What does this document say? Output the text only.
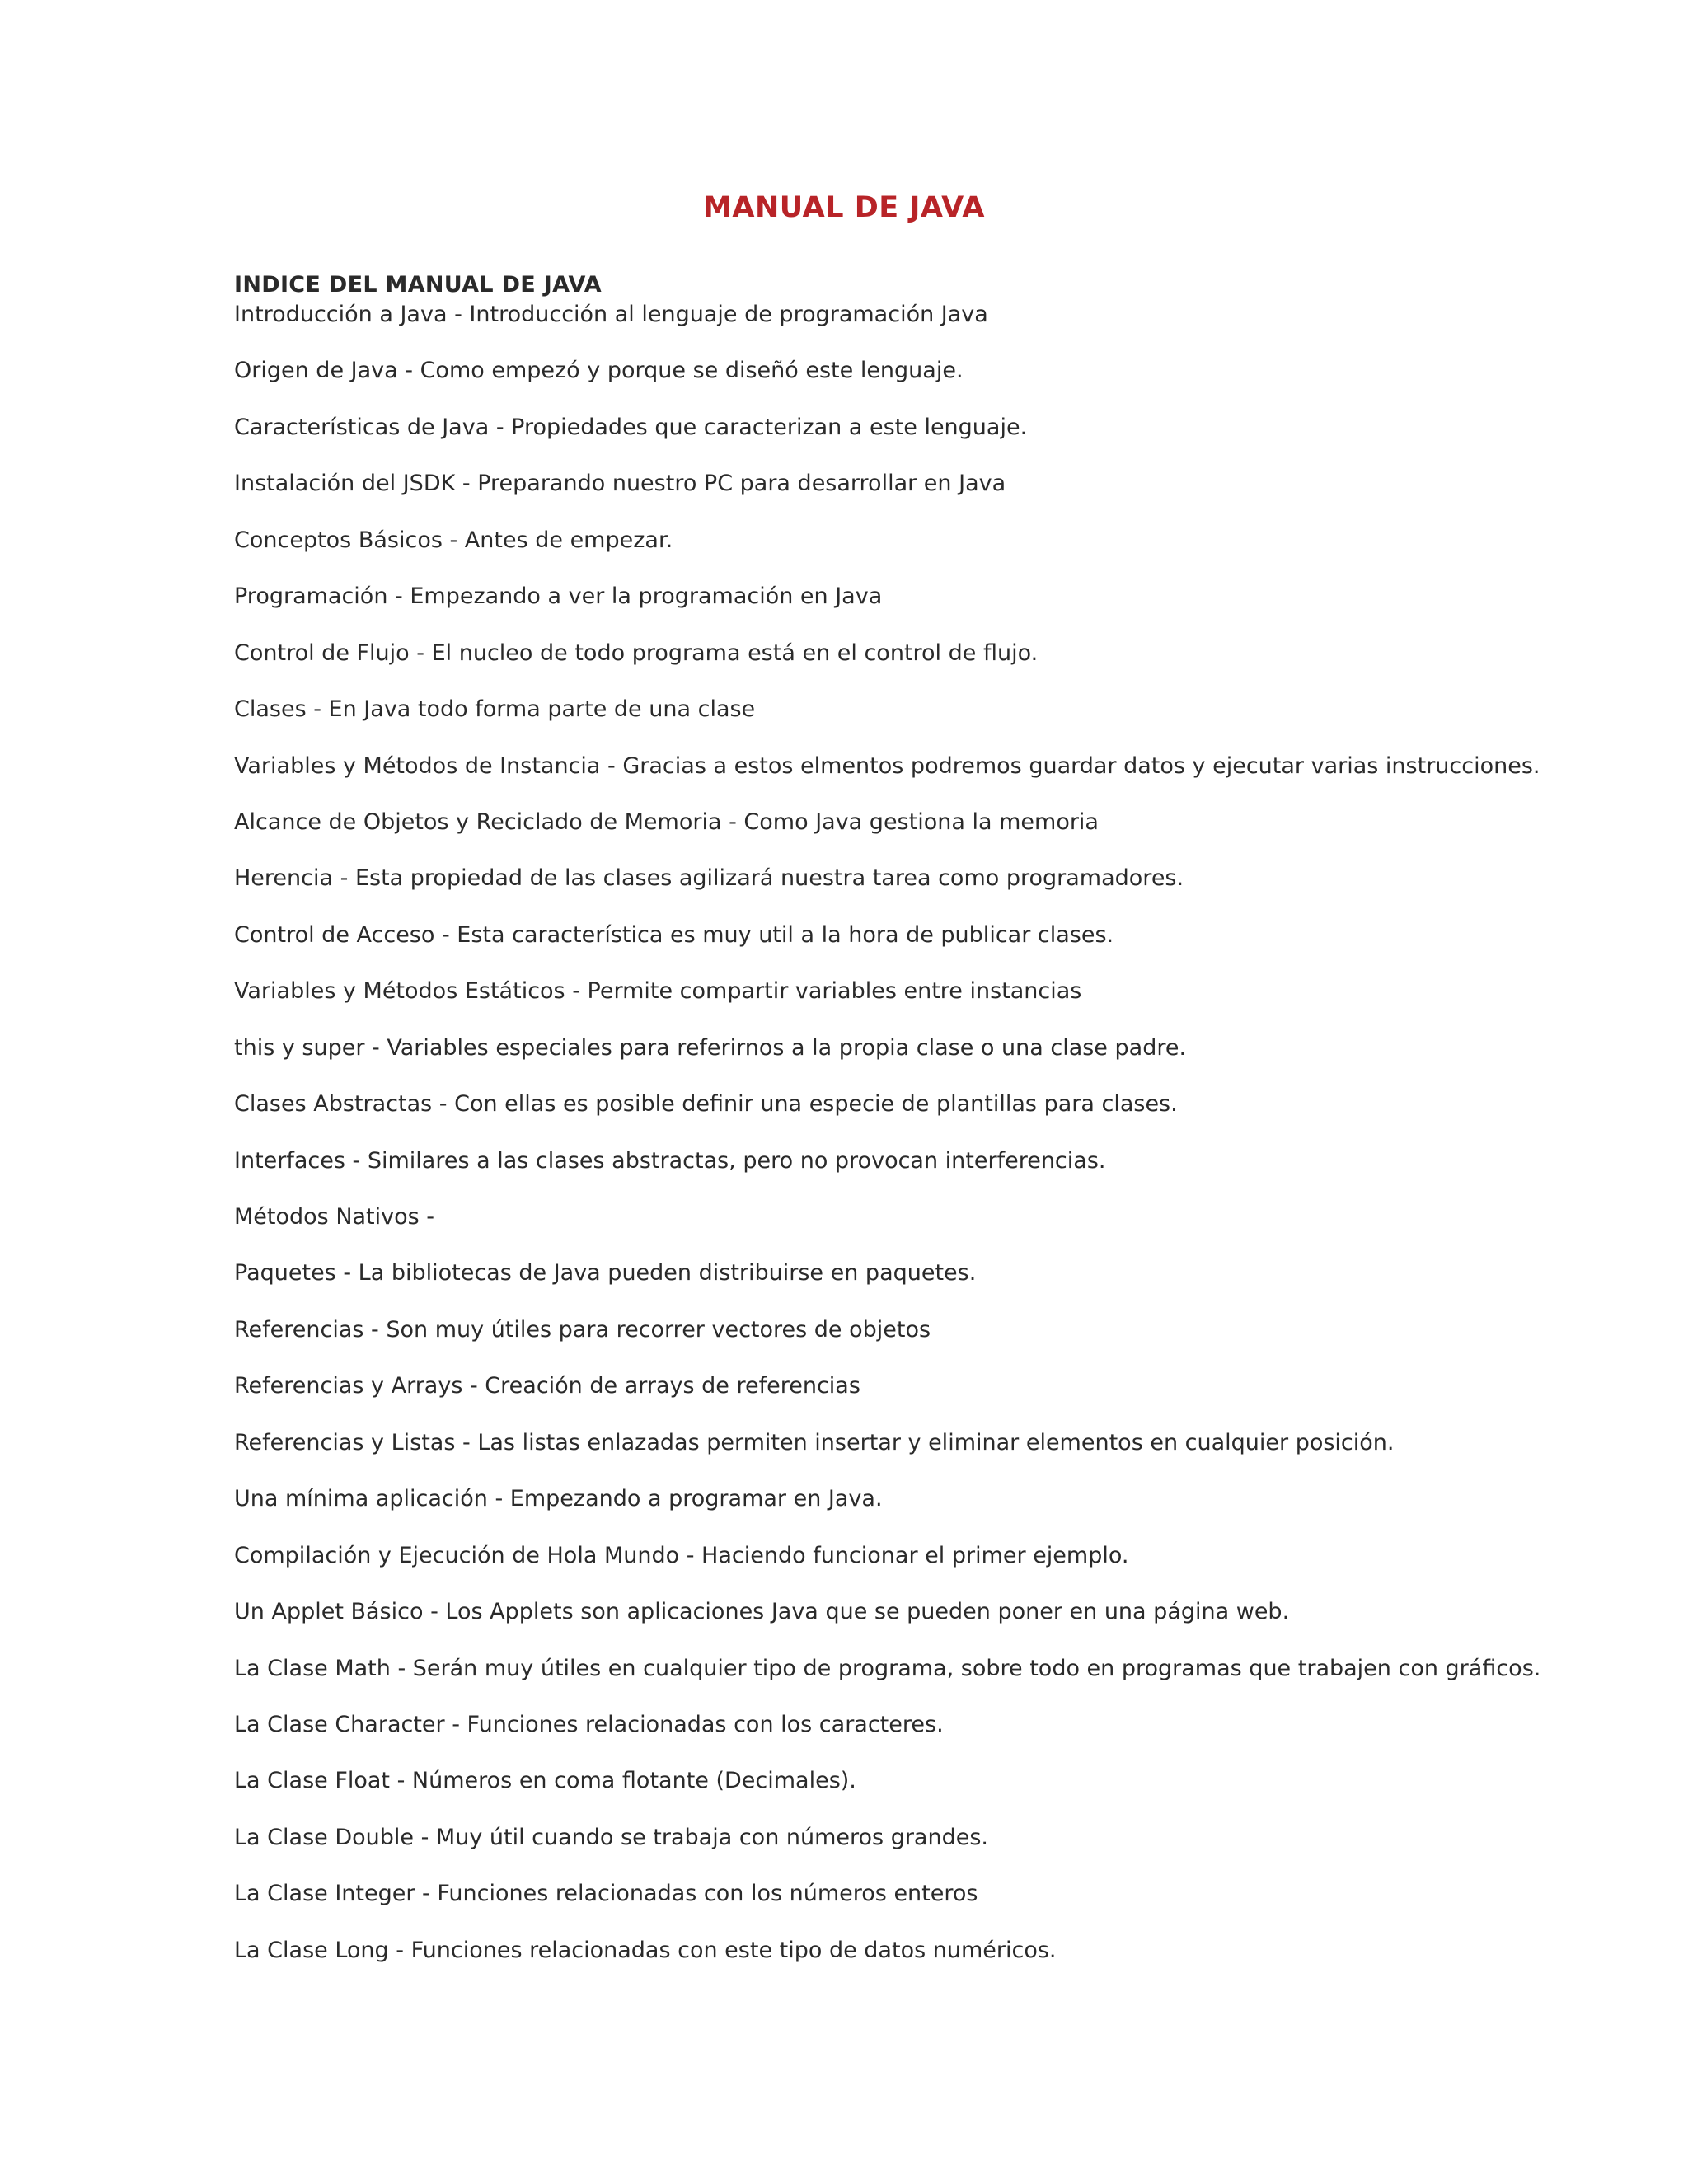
MANUAL DE JAVA
INDICE DEL MANUAL DE JAVA
Introducción a Java - Introducción al lenguaje de programación Java
Origen de Java - Como empezó y porque se diseñó este lenguaje.
Características de Java - Propiedades que caracterizan a este lenguaje.
Instalación del JSDK - Preparando nuestro PC para desarrollar en Java
Conceptos Básicos - Antes de empezar.
Programación - Empezando a ver la programación en Java
Control de Flujo - El nucleo de todo programa está en el control de flujo.
Clases - En Java todo forma parte de una clase
Variables y Métodos de Instancia - Gracias a estos elmentos podremos guardar datos y ejecutar varias instrucciones.
Alcance de Objetos y Reciclado de Memoria - Como Java gestiona la memoria
Herencia - Esta propiedad de las clases agilizará nuestra tarea como programadores.
Control de Acceso - Esta característica es muy util a la hora de publicar clases.
Variables y Métodos Estáticos - Permite compartir variables entre instancias
this y super - Variables especiales para referirnos a la propia clase o una clase padre.
Clases Abstractas - Con ellas es posible definir una especie de plantillas para clases.
Interfaces - Similares a las clases abstractas, pero no provocan interferencias.
Métodos Nativos -
Paquetes - La bibliotecas de Java pueden distribuirse en paquetes.
Referencias - Son muy útiles para recorrer vectores de objetos
Referencias y Arrays - Creación de arrays de referencias
Referencias y Listas - Las listas enlazadas permiten insertar y eliminar elementos en cualquier posición.
Una mínima aplicación - Empezando a programar en Java.
Compilación y Ejecución de Hola Mundo - Haciendo funcionar el primer ejemplo.
Un Applet Básico - Los Applets son aplicaciones Java que se pueden poner en una página web.
La Clase Math - Serán muy útiles en cualquier tipo de programa, sobre todo en programas que trabajen con gráficos.
La Clase Character - Funciones relacionadas con los caracteres.
La Clase Float - Números en coma flotante (Decimales).
La Clase Double - Muy útil cuando se trabaja con números grandes.
La Clase Integer - Funciones relacionadas con los números enteros
La Clase Long - Funciones relacionadas con este tipo de datos numéricos.
